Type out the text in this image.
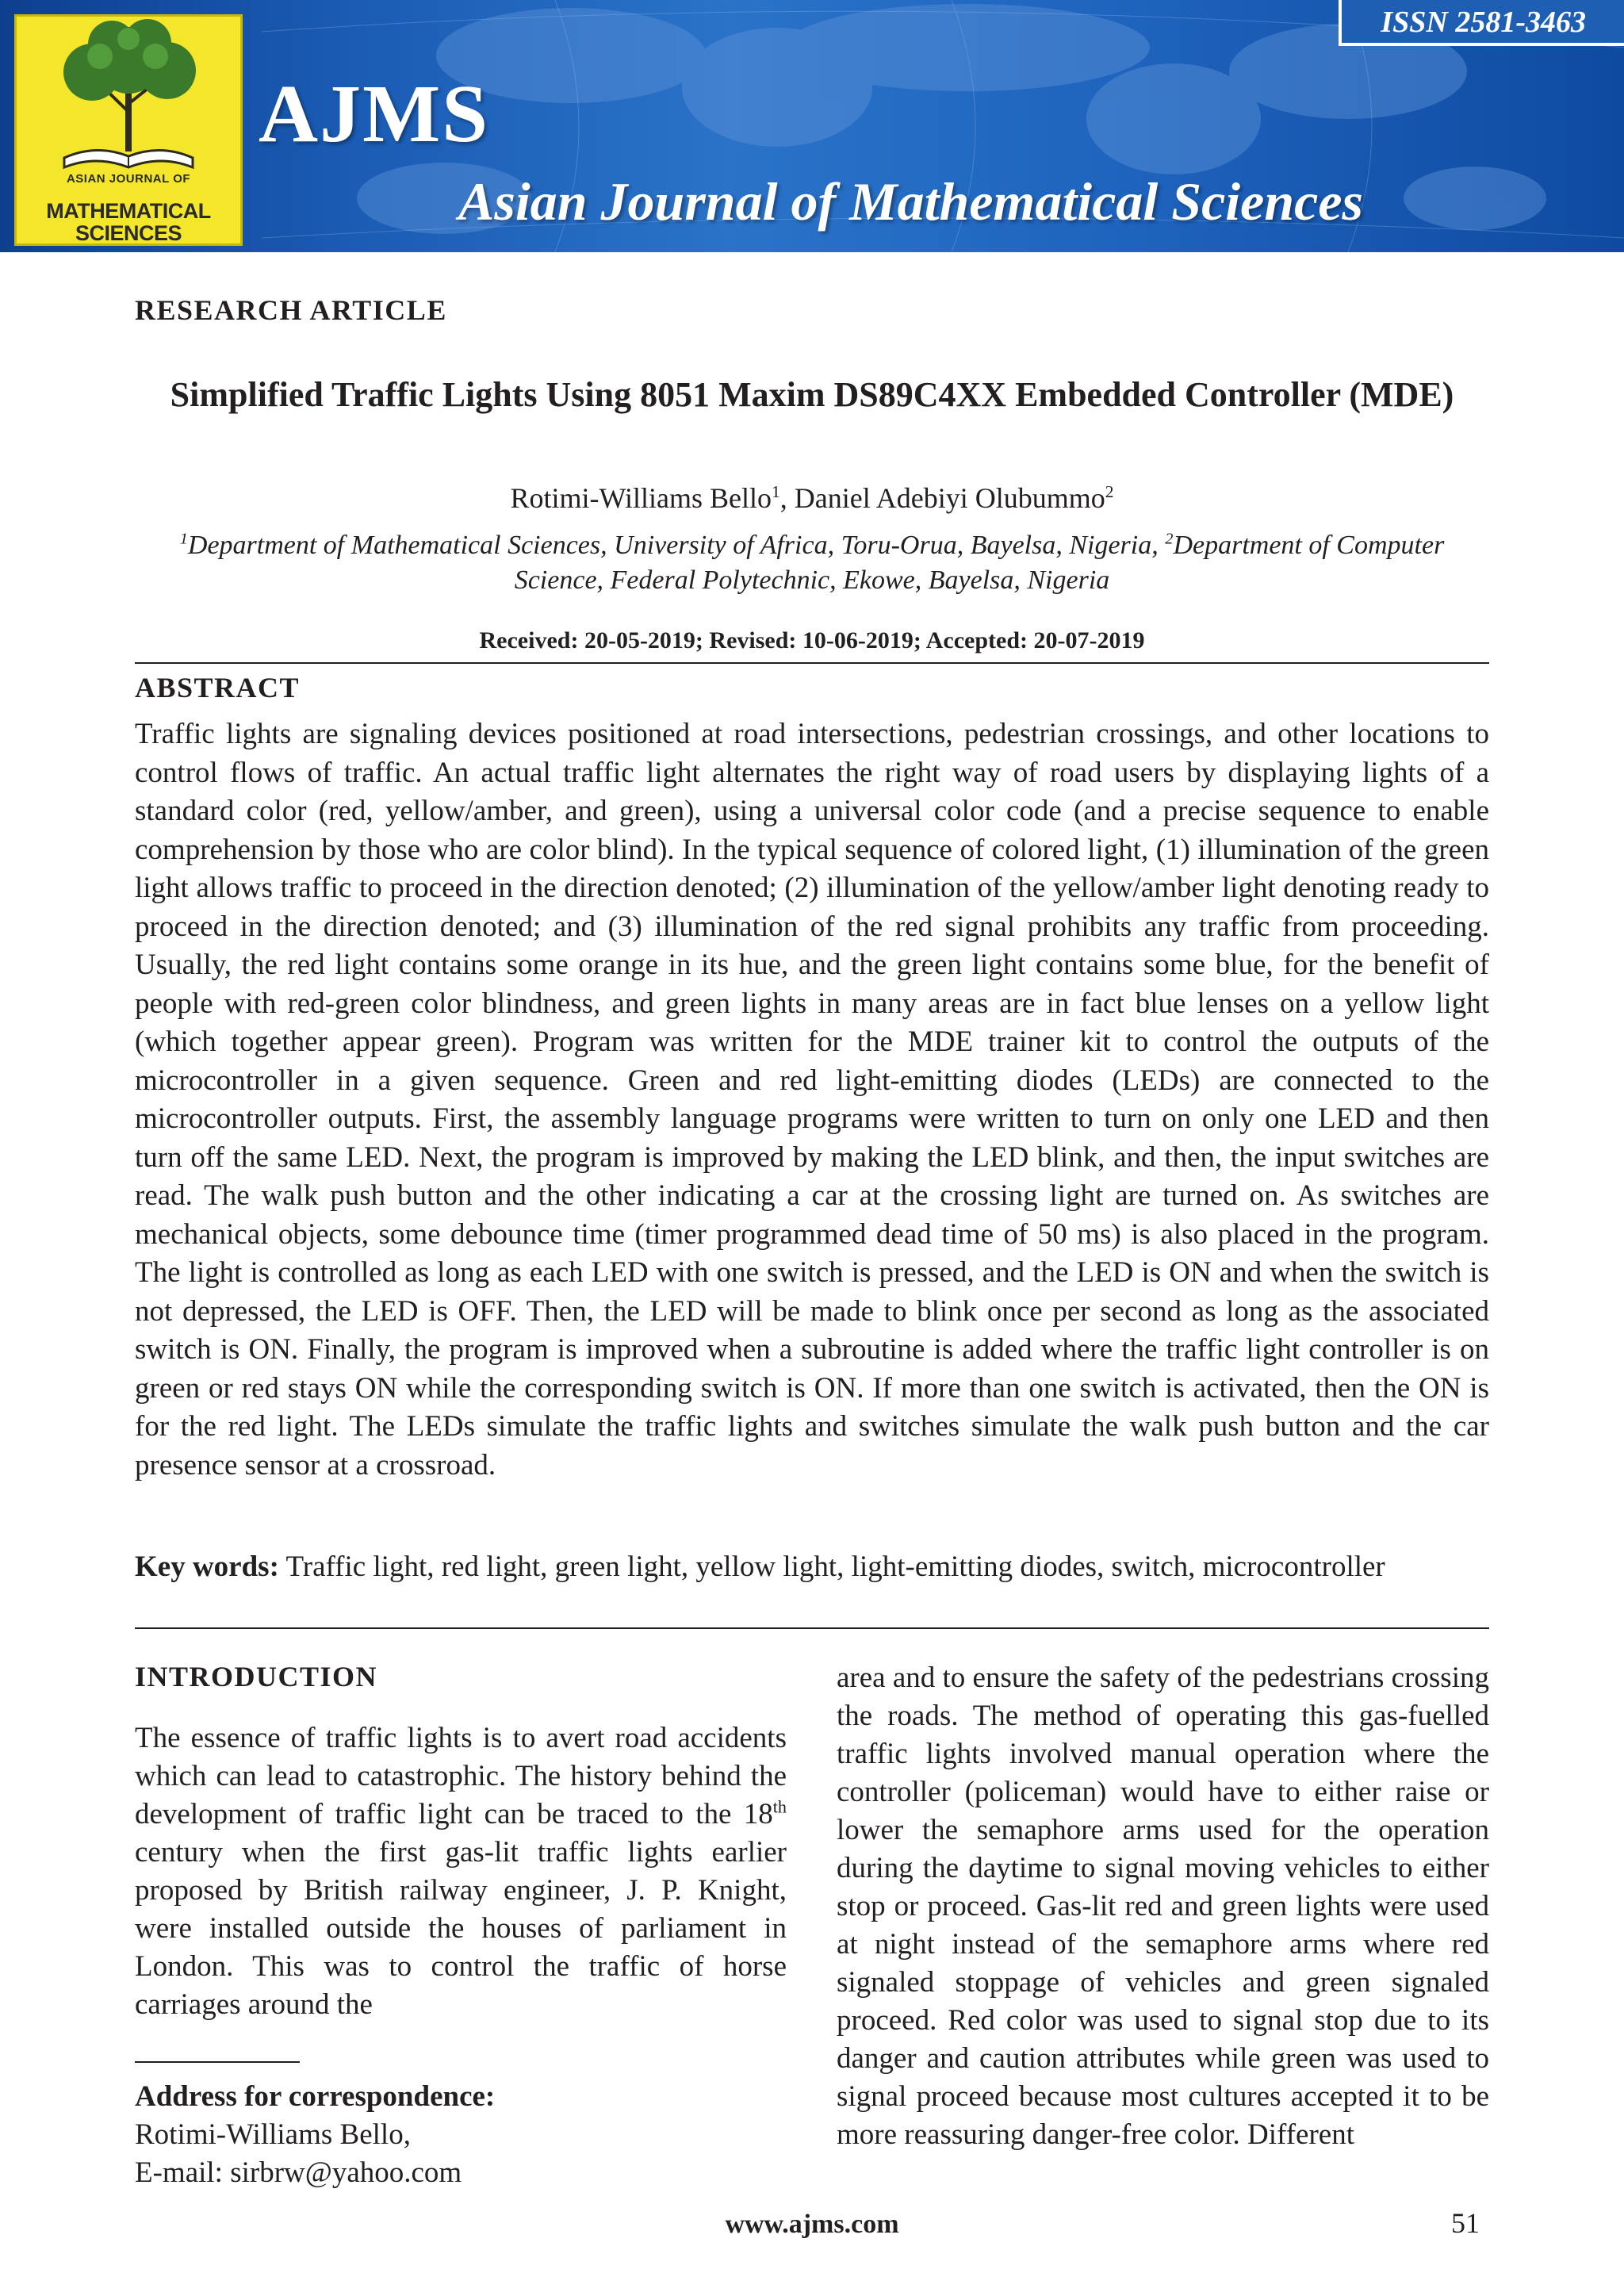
ASIAN JOURNAL OF
MATHEMATICAL
SCIENCES
AJMS
Asian Journal of Mathematical Sciences
ISSN 2581-3463
RESEARCH ARTICLE
Simplified Traffic Lights Using 8051 Maxim DS89C4XX Embedded Controller (MDE)
Rotimi-Williams Bello$^1$, Daniel Adebiyi Olubummo$^2$
$^1$Department of Mathematical Sciences, University of Africa, Toru-Orua, Bayelsa, Nigeria, $^2$Department of Computer Science, Federal Polytechnic, Ekowe, Bayelsa, Nigeria
Received: 20-05-2019; Revised: 10-06-2019; Accepted: 20-07-2019
ABSTRACT
Traffic lights are signaling devices positioned at road intersections, pedestrian crossings, and other locations to control flows of traffic. An actual traffic light alternates the right way of road users by displaying lights of a standard color (red, yellow/amber, and green), using a universal color code (and a precise sequence to enable comprehension by those who are color blind). In the typical sequence of colored light, (1) illumination of the green light allows traffic to proceed in the direction denoted; (2) illumination of the yellow/amber light denoting ready to proceed in the direction denoted; and (3) illumination of the red signal prohibits any traffic from proceeding. Usually, the red light contains some orange in its hue, and the green light contains some blue, for the benefit of people with red-green color blindness, and green lights in many areas are in fact blue lenses on a yellow light (which together appear green). Program was written for the MDE trainer kit to control the outputs of the microcontroller in a given sequence. Green and red light-emitting diodes (LEDs) are connected to the microcontroller outputs. First, the assembly language programs were written to turn on only one LED and then turn off the same LED. Next, the program is improved by making the LED blink, and then, the input switches are read. The walk push button and the other indicating a car at the crossing light are turned on. As switches are mechanical objects, some debounce time (timer programmed dead time of 50 ms) is also placed in the program. The light is controlled as long as each LED with one switch is pressed, and the LED is ON and when the switch is not depressed, the LED is OFF. Then, the LED will be made to blink once per second as long as the associated switch is ON. Finally, the program is improved when a subroutine is added where the traffic light controller is on green or red stays ON while the corresponding switch is ON. If more than one switch is activated, then the ON is for the red light. The LEDs simulate the traffic lights and switches simulate the walk push button and the car presence sensor at a crossroad.
Key words: Traffic light, red light, green light, yellow light, light-emitting diodes, switch, microcontroller
INTRODUCTION
The essence of traffic lights is to avert road accidents which can lead to catastrophic. The history behind the development of traffic light can be traced to the 18th century when the first gas-lit traffic lights earlier proposed by British railway engineer, J. P. Knight, were installed outside the houses of parliament in London. This was to control the traffic of horse carriages around the
area and to ensure the safety of the pedestrians crossing the roads. The method of operating this gas-fuelled traffic lights involved manual operation where the controller (policeman) would have to either raise or lower the semaphore arms used for the operation during the daytime to signal moving vehicles to either stop or proceed. Gas-lit red and green lights were used at night instead of the semaphore arms where red signaled stoppage of vehicles and green signaled proceed. Red color was used to signal stop due to its danger and caution attributes while green was used to signal proceed because most cultures accepted it to be more reassuring danger-free color. Different
Address for correspondence:
Rotimi-Williams Bello,
E-mail: sirbrw@yahoo.com
www.ajms.com	51
